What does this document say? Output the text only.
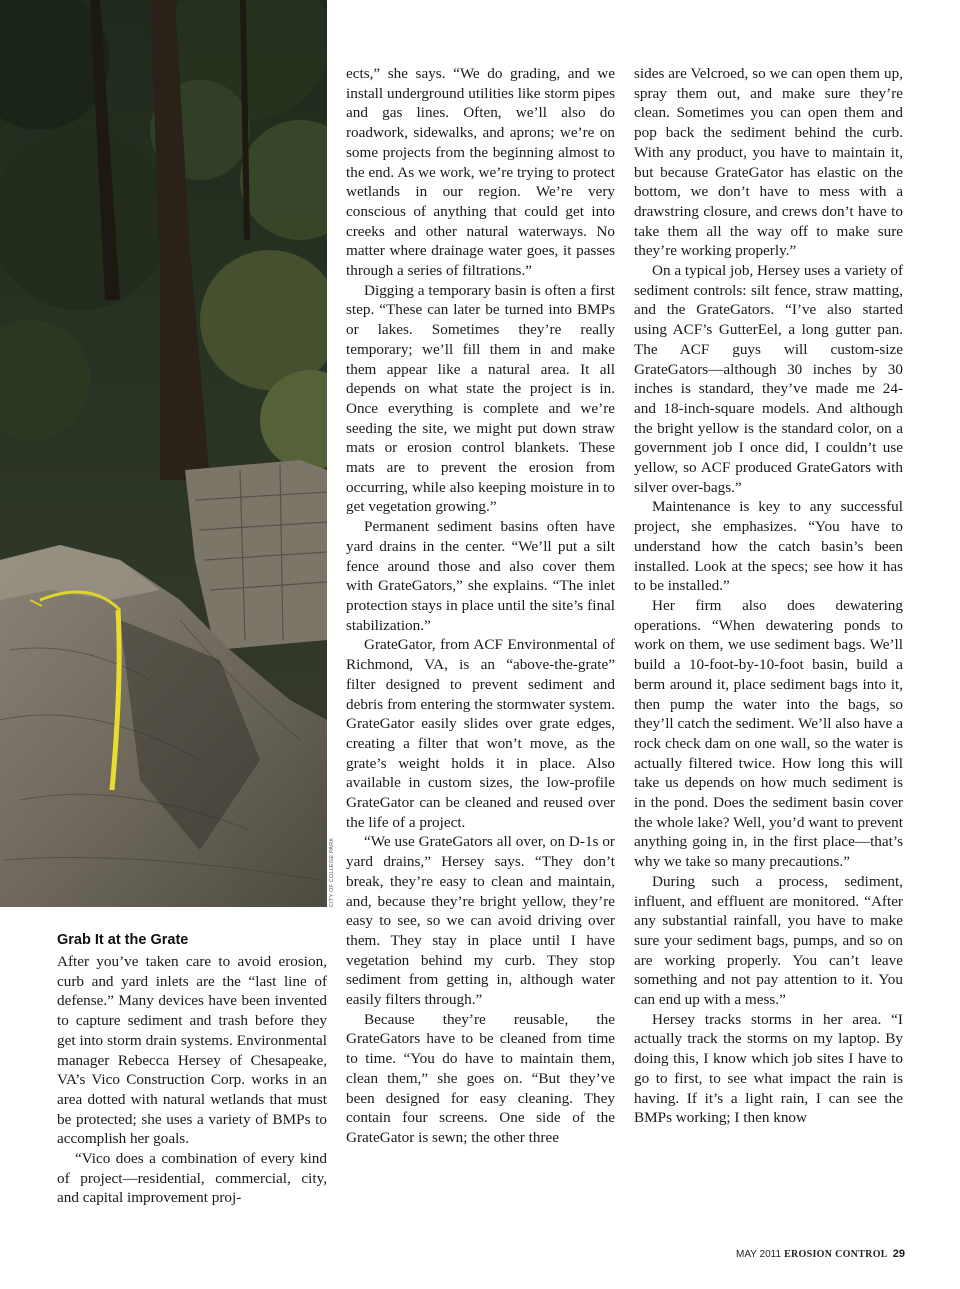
CITY OF COLLEGE PARK
Grab It at the Grate

After you’ve taken care to avoid erosion, curb and yard inlets are the “last line of defense.” Many devices have been invented to capture sediment and trash before they get into storm drain systems. Environmental manager Rebecca Hersey of Chesapeake, VA’s Vico Construction Corp. works in an area dotted with natural wetlands that must be protected; she uses a variety of BMPs to accomplish her goals.

“Vico does a combination of every kind of project—residential, commercial, city, and capital improvement proj-

ects,” she says. “We do grading, and we install underground utilities like storm pipes and gas lines. Often, we’ll also do roadwork, sidewalks, and aprons; we’re on some projects from the beginning almost to the end. As we work, we’re trying to protect wetlands in our region. We’re very conscious of anything that could get into creeks and other natural waterways. No matter where drainage water goes, it passes through a series of filtrations.”

Digging a temporary basin is often a first step. “These can later be turned into BMPs or lakes. Sometimes they’re really temporary; we’ll fill them in and make them appear like a natural area. It all depends on what state the project is in. Once everything is complete and we’re seeding the site, we might put down straw mats or erosion control blankets. These mats are to prevent the erosion from occurring, while also keeping moisture in to get vegetation growing.”

Permanent sediment basins often have yard drains in the center. “We’ll put a silt fence around those and also cover them with GrateGators,” she explains. “The inlet protection stays in place until the site’s final stabilization.”

GrateGator, from ACF Environmental of Richmond, VA, is an “above-the-grate” filter designed to prevent sediment and debris from entering the stormwater system. GrateGator easily slides over grate edges, creating a filter that won’t move, as the grate’s weight holds it in place. Also available in custom sizes, the low-profile GrateGator can be cleaned and reused over the life of a project.

“We use GrateGators all over, on D-1s or yard drains,” Hersey says. “They don’t break, they’re easy to clean and maintain, and, because they’re bright yellow, they’re easy to see, so we can avoid driving over them. They stay in place until I have vegetation behind my curb. They stop sediment from getting in, although water easily filters through.”

Because they’re reusable, the GrateGators have to be cleaned from time to time. “You do have to maintain them, clean them,” she goes on. “But they’ve been designed for easy cleaning. They contain four screens. One side of the GrateGator is sewn; the other three

sides are Velcroed, so we can open them up, spray them out, and make sure they’re clean. Sometimes you can open them and pop back the sediment behind the curb. With any product, you have to maintain it, but because GrateGator has elastic on the bottom, we don’t have to mess with a drawstring closure, and crews don’t have to take them all the way off to make sure they’re working properly.”

On a typical job, Hersey uses a variety of sediment controls: silt fence, straw matting, and the GrateGators. “I’ve also started using ACF’s GutterEel, a long gutter pan. The ACF guys will custom-size GrateGators—although 30 inches by 30 inches is standard, they’ve made me 24- and 18-inch-square models. And although the bright yellow is the standard color, on a government job I once did, I couldn’t use yellow, so ACF produced GrateGators with silver over-bags.”

Maintenance is key to any successful project, she emphasizes. “You have to understand how the catch basin’s been installed. Look at the specs; see how it has to be installed.”

Her firm also does dewatering operations. “When dewatering ponds to work on them, we use sediment bags. We’ll build a 10-foot-by-10-foot basin, build a berm around it, place sediment bags into it, then pump the water into the bags, so they’ll catch the sediment. We’ll also have a rock check dam on one wall, so the water is actually filtered twice. How long this will take us depends on how much sediment is in the pond. Does the sediment basin cover the whole lake? Well, you’d want to prevent anything going in, in the first place—that’s why we take so many precautions.”

During such a process, sediment, influent, and effluent are monitored. “After any substantial rainfall, you have to make sure your sediment bags, pumps, and so on are working properly. You can’t leave something and not pay attention to it. You can end up with a mess.”

Hersey tracks storms in her area. “I actually track the storms on my laptop. By doing this, I know which job sites I have to go to first, to see what impact the rain is having. If it’s a light rain, I can see the BMPs working; I then know

MAY 2011 EROSION CONTROL 29
